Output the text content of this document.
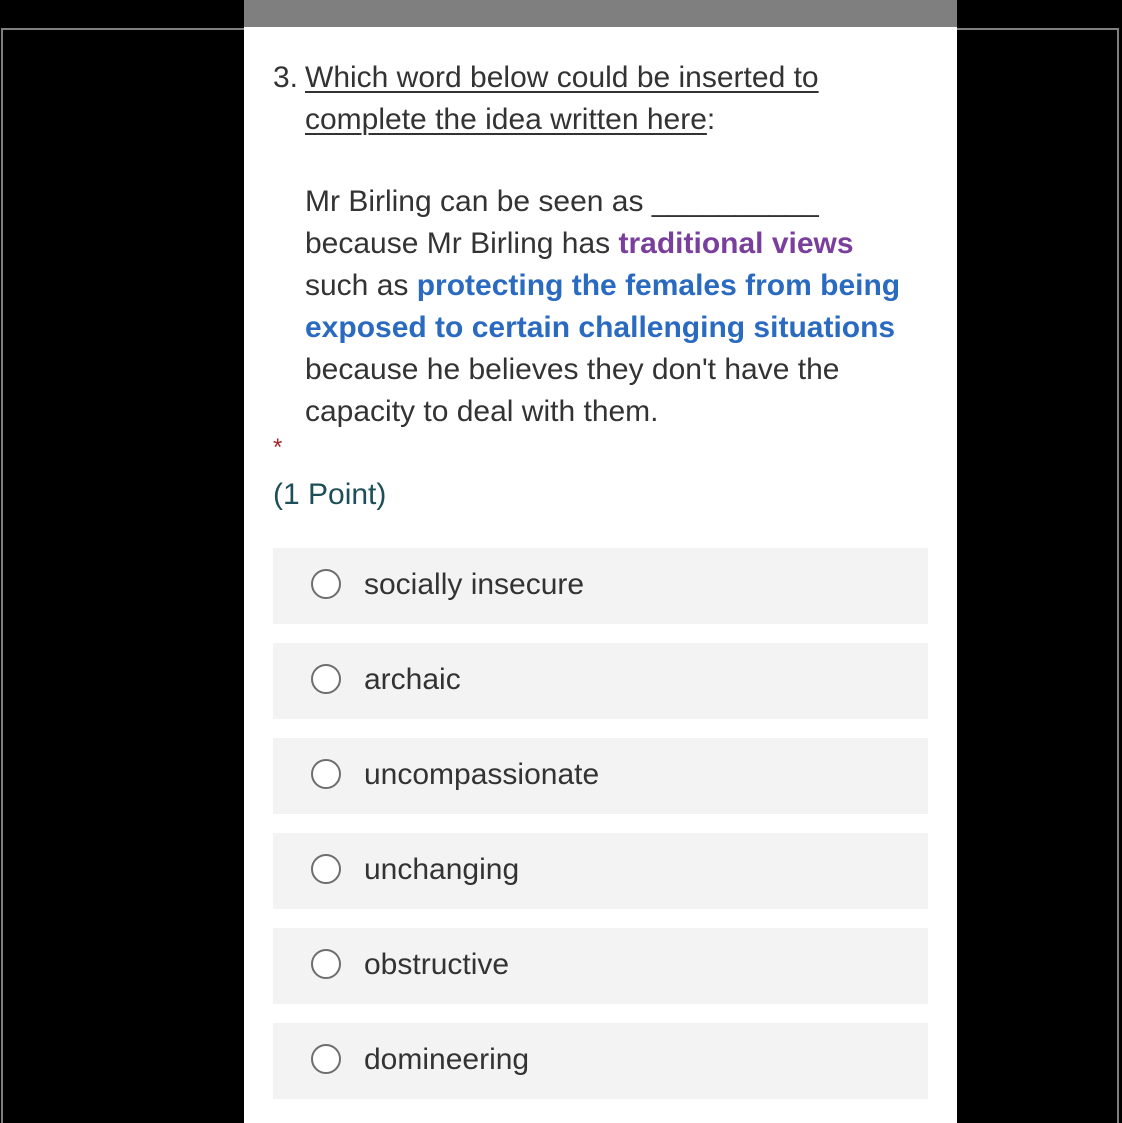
3. Which word below could be inserted to complete the idea written here:
Mr Birling can be seen as __________ because Mr Birling has traditional views such as protecting the females from being exposed to certain challenging situations because he believes they don't have the capacity to deal with them.
*
(1 Point)
socially insecure
archaic
uncompassionate
unchanging
obstructive
domineering
